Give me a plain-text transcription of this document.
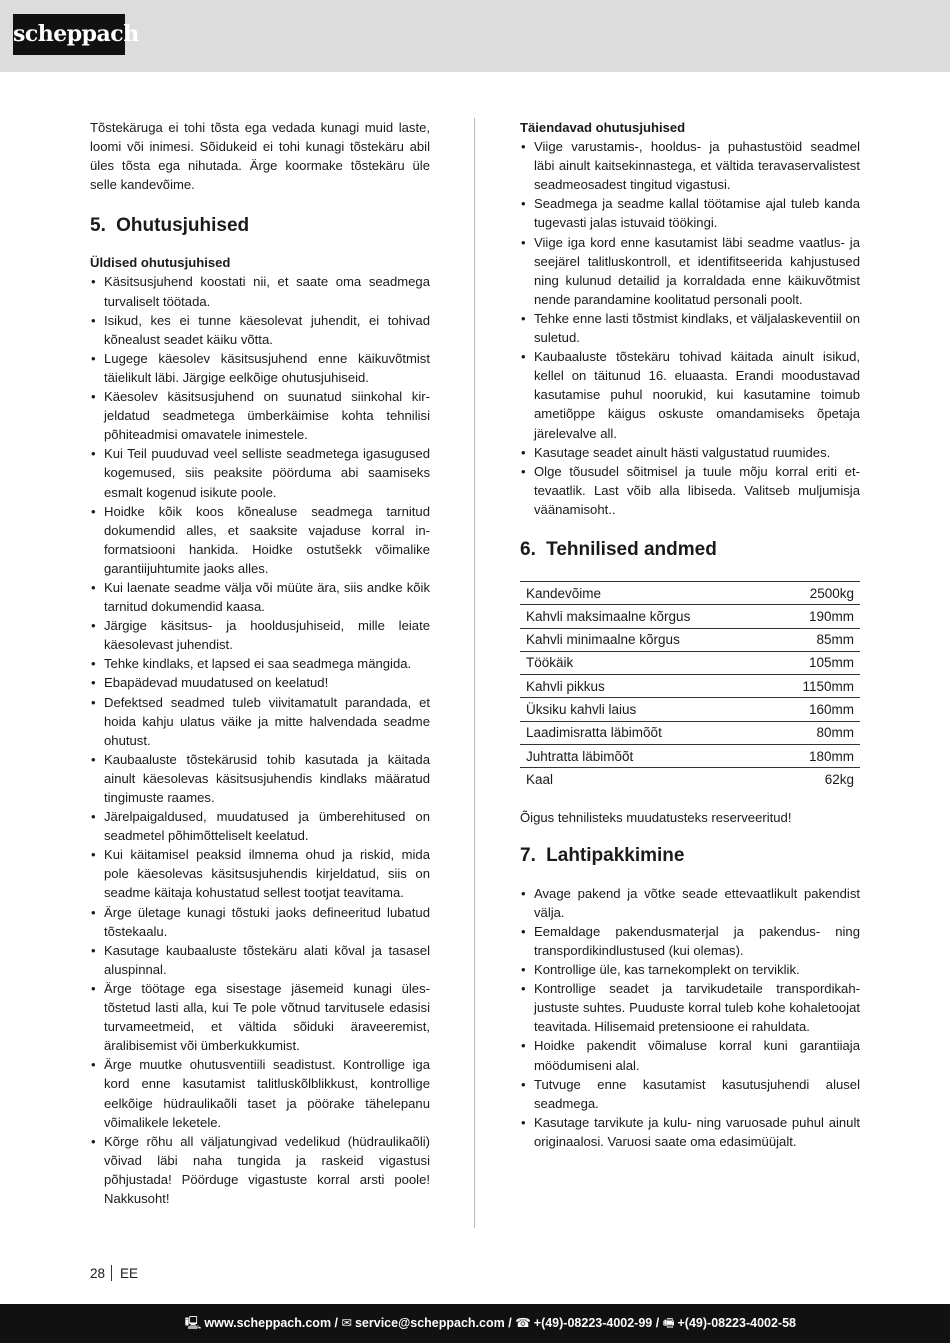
scheppach

Tõstekäruga ei tohi tõsta ega vedada kunagi muid laste, loomi või inimesi. Sõidukeid ei tohi kunagi tõstekäru abil üles tõsta ega nihutada. Ärge koormake tõstekäru üle selle kandevõime.

5. Ohutusjuhised
Üldised ohutusjuhised
• Käsitsusjuhend koostati nii, et saate oma seadmega turvaliselt töötada.
• Isikud, kes ei tunne käesolevat juhendit, ei tohivad kõnealust seadet käiku võtta.
• Lugege käesolev käsitsusjuhend enne käikuvõtmist täielikult läbi. Järgige eelkõige ohutusjuhiseid.
• Käesolev käsitsusjuhend on suunatud siinkohal kirjeldatud seadmetega ümberkäimise kohta tehnilisi põhiteadmisi omavatele inimestele.
• Kui Teil puuduvad veel selliste seadmetega igasugused kogemused, siis peaksite pöörduma abi saamiseks esmalt kogenud isikute poole.
• Hoidke kõik koos kõnealuse seadmega tarnitud dokumendid alles, et saaksite vajaduse korral informatsiooni hankida. Hoidke ostutšekk võimalike garantiijuhtumite jaoks alles.
• Kui laenate seadme välja või müüte ära, siis andke kõik tarnitud dokumendid kaasa.
• Järgige käsitsus- ja hooldusjuhiseid, mille leiate käesolevast juhendist.
• Tehke kindlaks, et lapsed ei saa seadmega mängida.
• Ebapädevad muudatused on keelatud!
• Defektsed seadmed tuleb viivitamatult parandada, et hoida kahju ulatus väike ja mitte halvendada seadme ohutust.
• Kaubaaluste tõstekärusid tohib kasutada ja käitada ainult käesolevas käsitsusjuhendis kindlaks määratud tingimuste raames.
• Järelpaigaldused, muudatused ja ümberehitused on seadmetel põhimõtteliselt keelatud.
• Kui käitamisel peaksid ilmnema ohud ja riskid, mida pole käesolevas käsitsusjuhendis kirjeldatud, siis on seadme käitaja kohustatud sellest tootjat teavitama.
• Ärge ületage kunagi tõstuki jaoks defineeritud lubatud tõstekaalu.
• Kasutage kaubaaluste tõstekäru alati kõval ja tasasel aluspinnal.
• Ärge töötage ega sisestage jäsemeid kunagi ülestõstetud lasti alla, kui Te pole võtnud tarvitusele edasisi turvameetmeid, et vältida sõiduki äraveeremist, äralibisemist või ümberkukkumist.
• Ärge muutke ohutusventiili seadistust. Kontrollige iga kord enne kasutamist talitluskõlblikkust, kontrollige eelkõige hüdraulikaõli taset ja pöörake tähelepanu võimalikele leketele.
• Kõrge rõhu all väljatungivad vedelikud (hüdraulikaõli) võivad läbi naha tungida ja raskeid vigastusi põhjustada! Pöörduge vigastuste korral arsti poole! Nakkusoht!
Täiendavad ohutusjuhised
• Viige varustamis-, hooldus- ja puhastustöid seadmel läbi ainult kaitsekinnastega, et vältida teravaservalistest seadmeosadest tingitud vigastusi.
• Seadmega ja seadme kallal töötamise ajal tuleb kanda tugevasti jalas istuvaid töökingi.
• Viige iga kord enne kasutamist läbi seadme vaatlus- ja seejärel talitluskontroll, et identifitseerida kahjustused ning kulunud detailid ja korraldada enne käikuvõtmist nende parandamine koolitatud personali poolt.
• Tehke enne lasti tõstmist kindlaks, et väljalaskeventiil on suletud.
• Kaubaaluste tõstekäru tohivad käitada ainult isikud, kellel on täitunud 16. eluaasta. Erandi moodustavad kasutamise puhul noorukid, kui kasutamine toimub ametiõppe käigus oskuste omandamiseks õpetaja järelevalve all.
• Kasutage seadet ainult hästi valgustatud ruumides.
• Olge tõusudel sõitmisel ja tuule mõju korral eriti ettevaatlik. Last võib alla libiseda. Valitseb muljumisja väänamisoht..
6. Tehnilised andmed
Kandevõime	2500kg
Kahvli maksimaalne kõrgus	190mm
Kahvli minimaalne kõrgus	85mm
Töökäik	105mm
Kahvli pikkus	1150mm
Üksiku kahvli laius	160mm
Laadimisratta läbimõõt	80mm
Juhtratta läbimõõt	180mm
Kaal	62kg

Õigus tehnilisteks muudatusteks reserveeritud!

7. Lahtipakkimine
• Avage pakend ja võtke seade ettevaatlikult pakendist välja.
• Eemaldage pakendusmaterjal ja pakendus- ning transpordikindlustused (kui olemas).
• Kontrollige üle, kas tarnekomplekt on terviklik.
• Kontrollige seadet ja tarvikudetaile transpordikahjustuste suhtes. Puuduste korral tuleb kohe kohaletoojat teavitada. Hilisemaid pretensioone ei rahuldata.
• Hoidke pakendit võimaluse korral kuni garantiiaja möödumiseni alal.
• Tutvuge enne kasutamist kasutusjuhendi alusel seadmega.
• Kasutage tarvikute ja kulu- ning varuosade puhul ainult originaalosi. Varuosi saate oma edasimüüjalt.
28 EE
🖳 www.scheppach.com / ✉ service@scheppach.com / ☎ +(49)-08223-4002-99 / 🖷 +(49)-08223-4002-58
